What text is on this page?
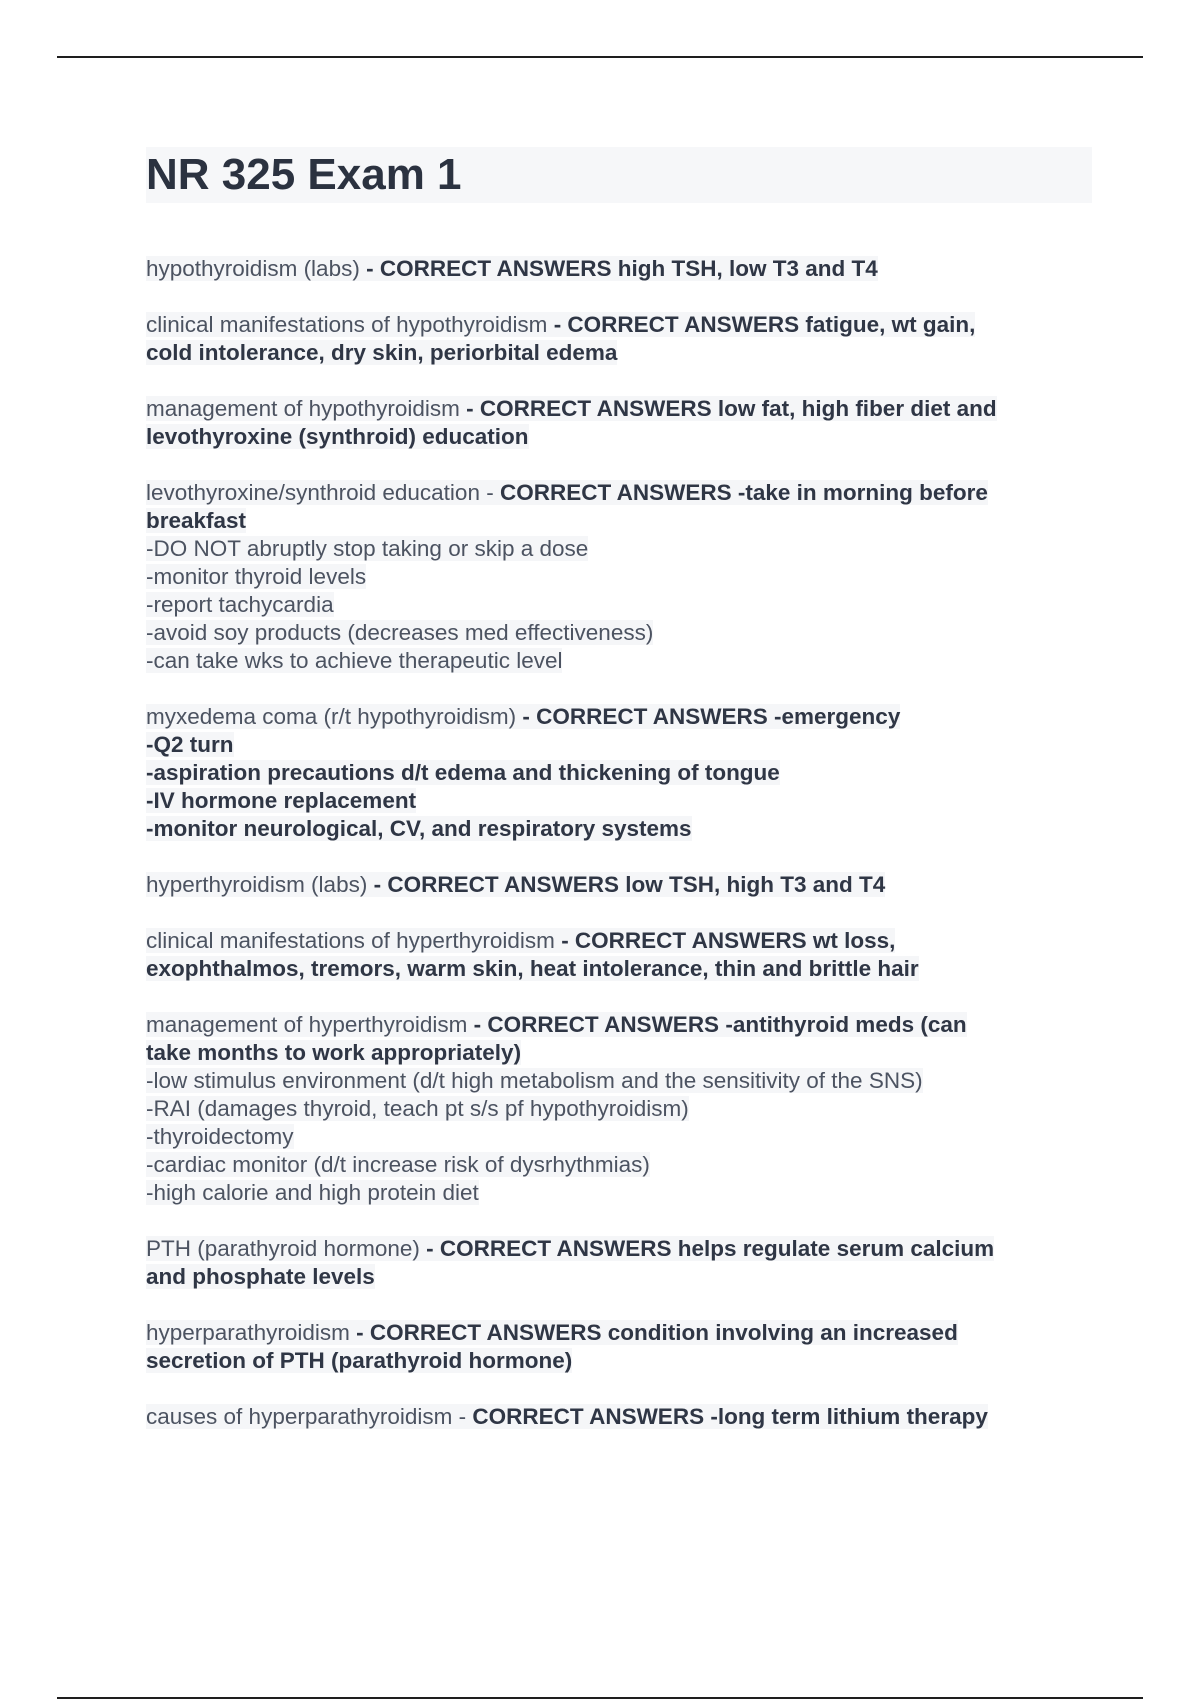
NR 325 Exam 1
hypothyroidism (labs) - CORRECT ANSWERS high TSH, low T3 and T4
clinical manifestations of hypothyroidism - CORRECT ANSWERS fatigue, wt gain,
cold intolerance, dry skin, periorbital edema
management of hypothyroidism - CORRECT ANSWERS low fat, high fiber diet and
levothyroxine (synthroid) education
levothyroxine/synthroid education - CORRECT ANSWERS -take in morning before
breakfast
-DO NOT abruptly stop taking or skip a dose
-monitor thyroid levels
-report tachycardia
-avoid soy products (decreases med effectiveness)
-can take wks to achieve therapeutic level
myxedema coma (r/t hypothyroidism) - CORRECT ANSWERS -emergency
-Q2 turn
-aspiration precautions d/t edema and thickening of tongue
-IV hormone replacement
-monitor neurological, CV, and respiratory systems
hyperthyroidism (labs) - CORRECT ANSWERS low TSH, high T3 and T4
clinical manifestations of hyperthyroidism - CORRECT ANSWERS wt loss,
exophthalmos, tremors, warm skin, heat intolerance, thin and brittle hair
management of hyperthyroidism - CORRECT ANSWERS -antithyroid meds (can
take months to work appropriately)
-low stimulus environment (d/t high metabolism and the sensitivity of the SNS)
-RAI (damages thyroid, teach pt s/s pf hypothyroidism)
-thyroidectomy
-cardiac monitor (d/t increase risk of dysrhythmias)
-high calorie and high protein diet
PTH (parathyroid hormone) - CORRECT ANSWERS helps regulate serum calcium
and phosphate levels
hyperparathyroidism - CORRECT ANSWERS condition involving an increased
secretion of PTH (parathyroid hormone)
causes of hyperparathyroidism - CORRECT ANSWERS -long term lithium therapy
